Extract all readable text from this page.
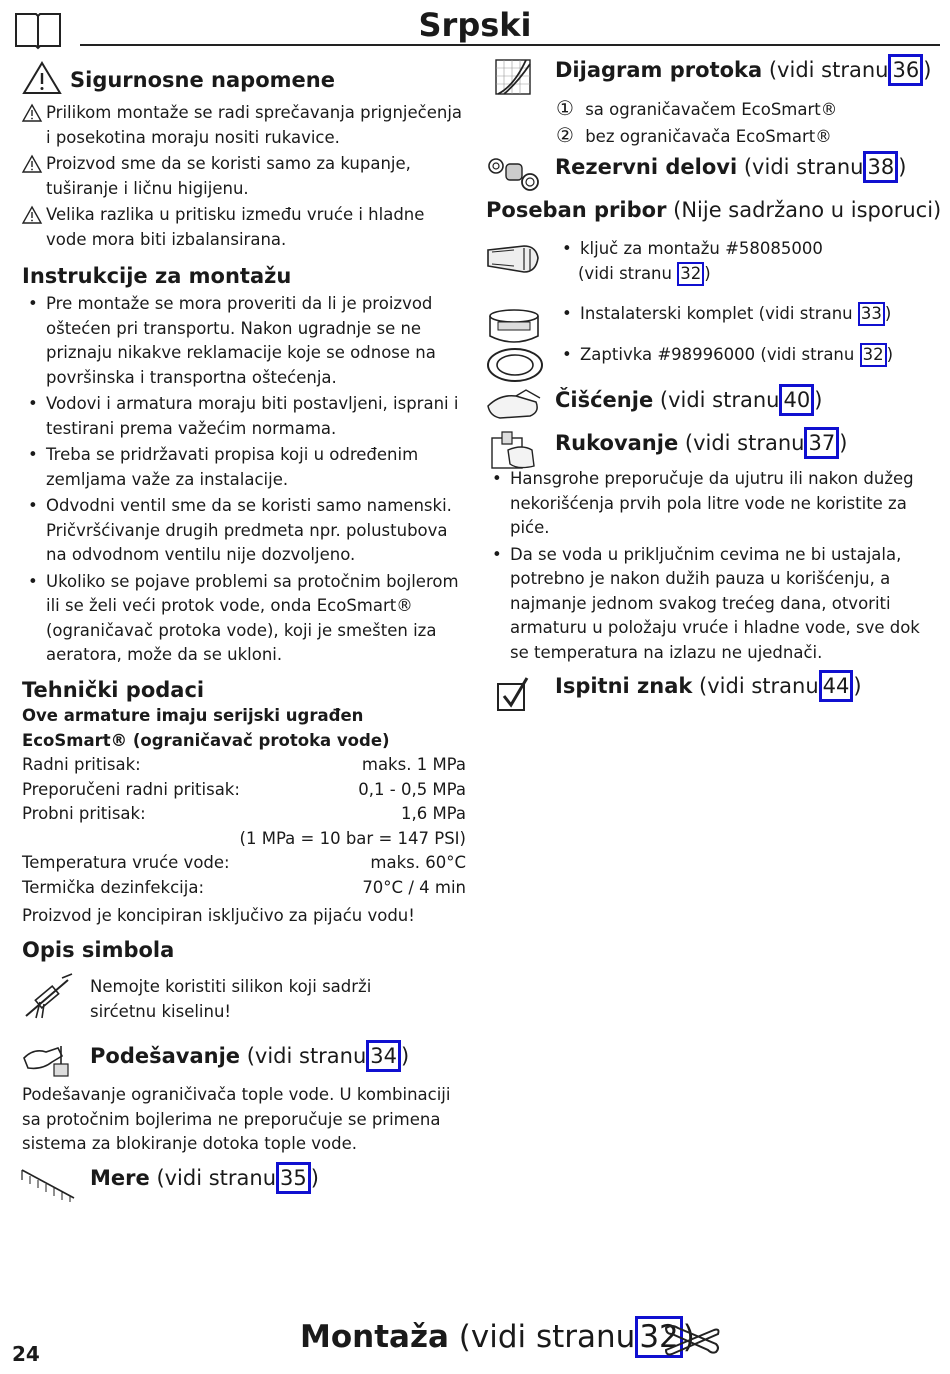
Srpski
Sigurnosne napomene
Prilikom montaže se radi sprečavanja prignječenja i posekotina moraju nositi rukavice.
Proizvod sme da se koristi samo za kupanje, tuširanje i ličnu higijenu.
Velika razlika u pritisku između vruće i hladne vode mora biti izbalansirana.
Instrukcije za montažu
• Pre montaže se mora proveriti da li je proizvod oštećen pri transportu. Nakon ugradnje se ne priznaju nikakve reklamacije koje se odnose na površinska i transportna oštećenja.
• Vodovi i armatura moraju biti postavljeni, isprani i testirani prema važećim normama.
• Treba se pridržavati propisa koji u određenim zemljama važe za instalacije.
• Odvodni ventil sme da se koristi samo namenski. Pričvršćivanje drugih predmeta npr. polustubova na odvodnom ventilu nije dozvoljeno.
• Ukoliko se pojave problemi sa protočnim bojlerom ili se želi veći protok vode, onda EcoSmart® (ograničavač protoka vode), koji je smešten iza aeratora, može da se ukloni.
Tehnički podaci
Ove armature imaju serijski ugrađen
EcoSmart® (ograničavač protoka vode)
Radni pritisak:	maks. 1 MPa
Preporučeni radni pritisak:	0,1 - 0,5 MPa
Probni pritisak:	1,6 MPa
(1 MPa = 10 bar = 147 PSI)
Temperatura vruće vode:	maks. 60°C
Termička dezinfekcija:	70°C / 4 min
Proizvod je koncipiran isključivo za pijaću vodu!
Opis simbola
Nemojte koristiti silikon koji sadrži sirćetnu kiselinu!
Podešavanje (vidi stranu 34 )
Podešavanje ograničivača tople vode. U kombinaciji sa protočnim bojlerima ne preporučuje se primena sistema za blokiranje dotoka tople vode.
Mere (vidi stranu 35 )
Dijagram protoka (vidi stranu 36 )
① sa ograničavačem EcoSmart®
② bez ograničavača EcoSmart®
Rezervni delovi (vidi stranu 38 )
Poseban pribor (Nije sadržano u isporuci)
• ključ za montažu #58085000
(vidi stranu 32 )
• Instalaterski komplet (vidi stranu 33 )
• Zaptivka #98996000 (vidi stranu 32 )
Čišćenje (vidi stranu 40 )
Rukovanje (vidi stranu 37 )
• Hansgrohe preporučuje da ujutru ili nakon dužeg nekorišćenja prvih pola litre vode ne koristite za piće.
• Da se voda u priključnim cevima ne bi ustajala, potrebno je nakon dužih pauza u korišćenju, a najmanje jednom svakog trećeg dana, otvoriti armaturu u položaju vruće i hladne vode, sve dok se temperatura na izlazu ne ujednači.
Ispitni znak (vidi stranu 44 )
24	Montaža (vidi stranu 32 )
